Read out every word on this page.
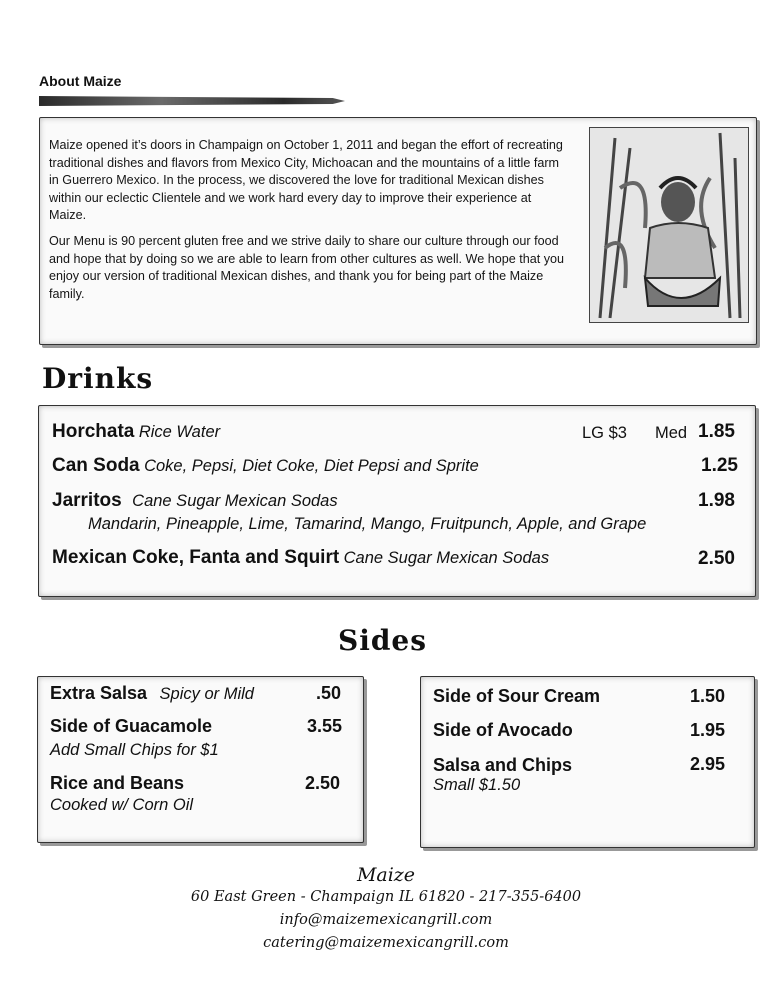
About Maize

Maize opened it’s doors in Champaign on October 1, 2011 and began the effort of recreating traditional dishes and flavors from Mexico City, Michoacan and the mountains of a little farm in Guerrero Mexico. In the process, we discovered the love for traditional Mexican dishes within our eclectic Clientele and we work hard every day to improve their experience at Maize.

Our Menu is 90 percent gluten free and we strive daily to share our culture through our food and hope that by doing so we are able to learn from other cultures as well. We hope that you enjoy our version of traditional Mexican dishes, and thank you for being part of the Maize family.

Drinks
Horchata Rice Water	LG $3 Med 1.85
Can Soda Coke, Pepsi, Diet Coke, Diet Pepsi and Sprite	1.25
Jarritos Cane Sugar Mexican Sodas	1.98
Mandarin, Pineapple, Lime, Tamarind, Mango, Fruitpunch, Apple, and Grape
Mexican Coke, Fanta and Squirt Cane Sugar Mexican Sodas	2.50
Sides
Extra Salsa Spicy or Mild	.50
Side of Guacamole	3.55
Add Small Chips for $1
Rice and Beans	2.50
Cooked w/ Corn Oil
Side of Sour Cream	1.50
Side of Avocado	1.95
Salsa and Chips	2.95
Small $1.50
Maize
60 East Green - Champaign IL 61820 - 217-355-6400
info@maizemexicangrill.com
catering@maizemexicangrill.com
